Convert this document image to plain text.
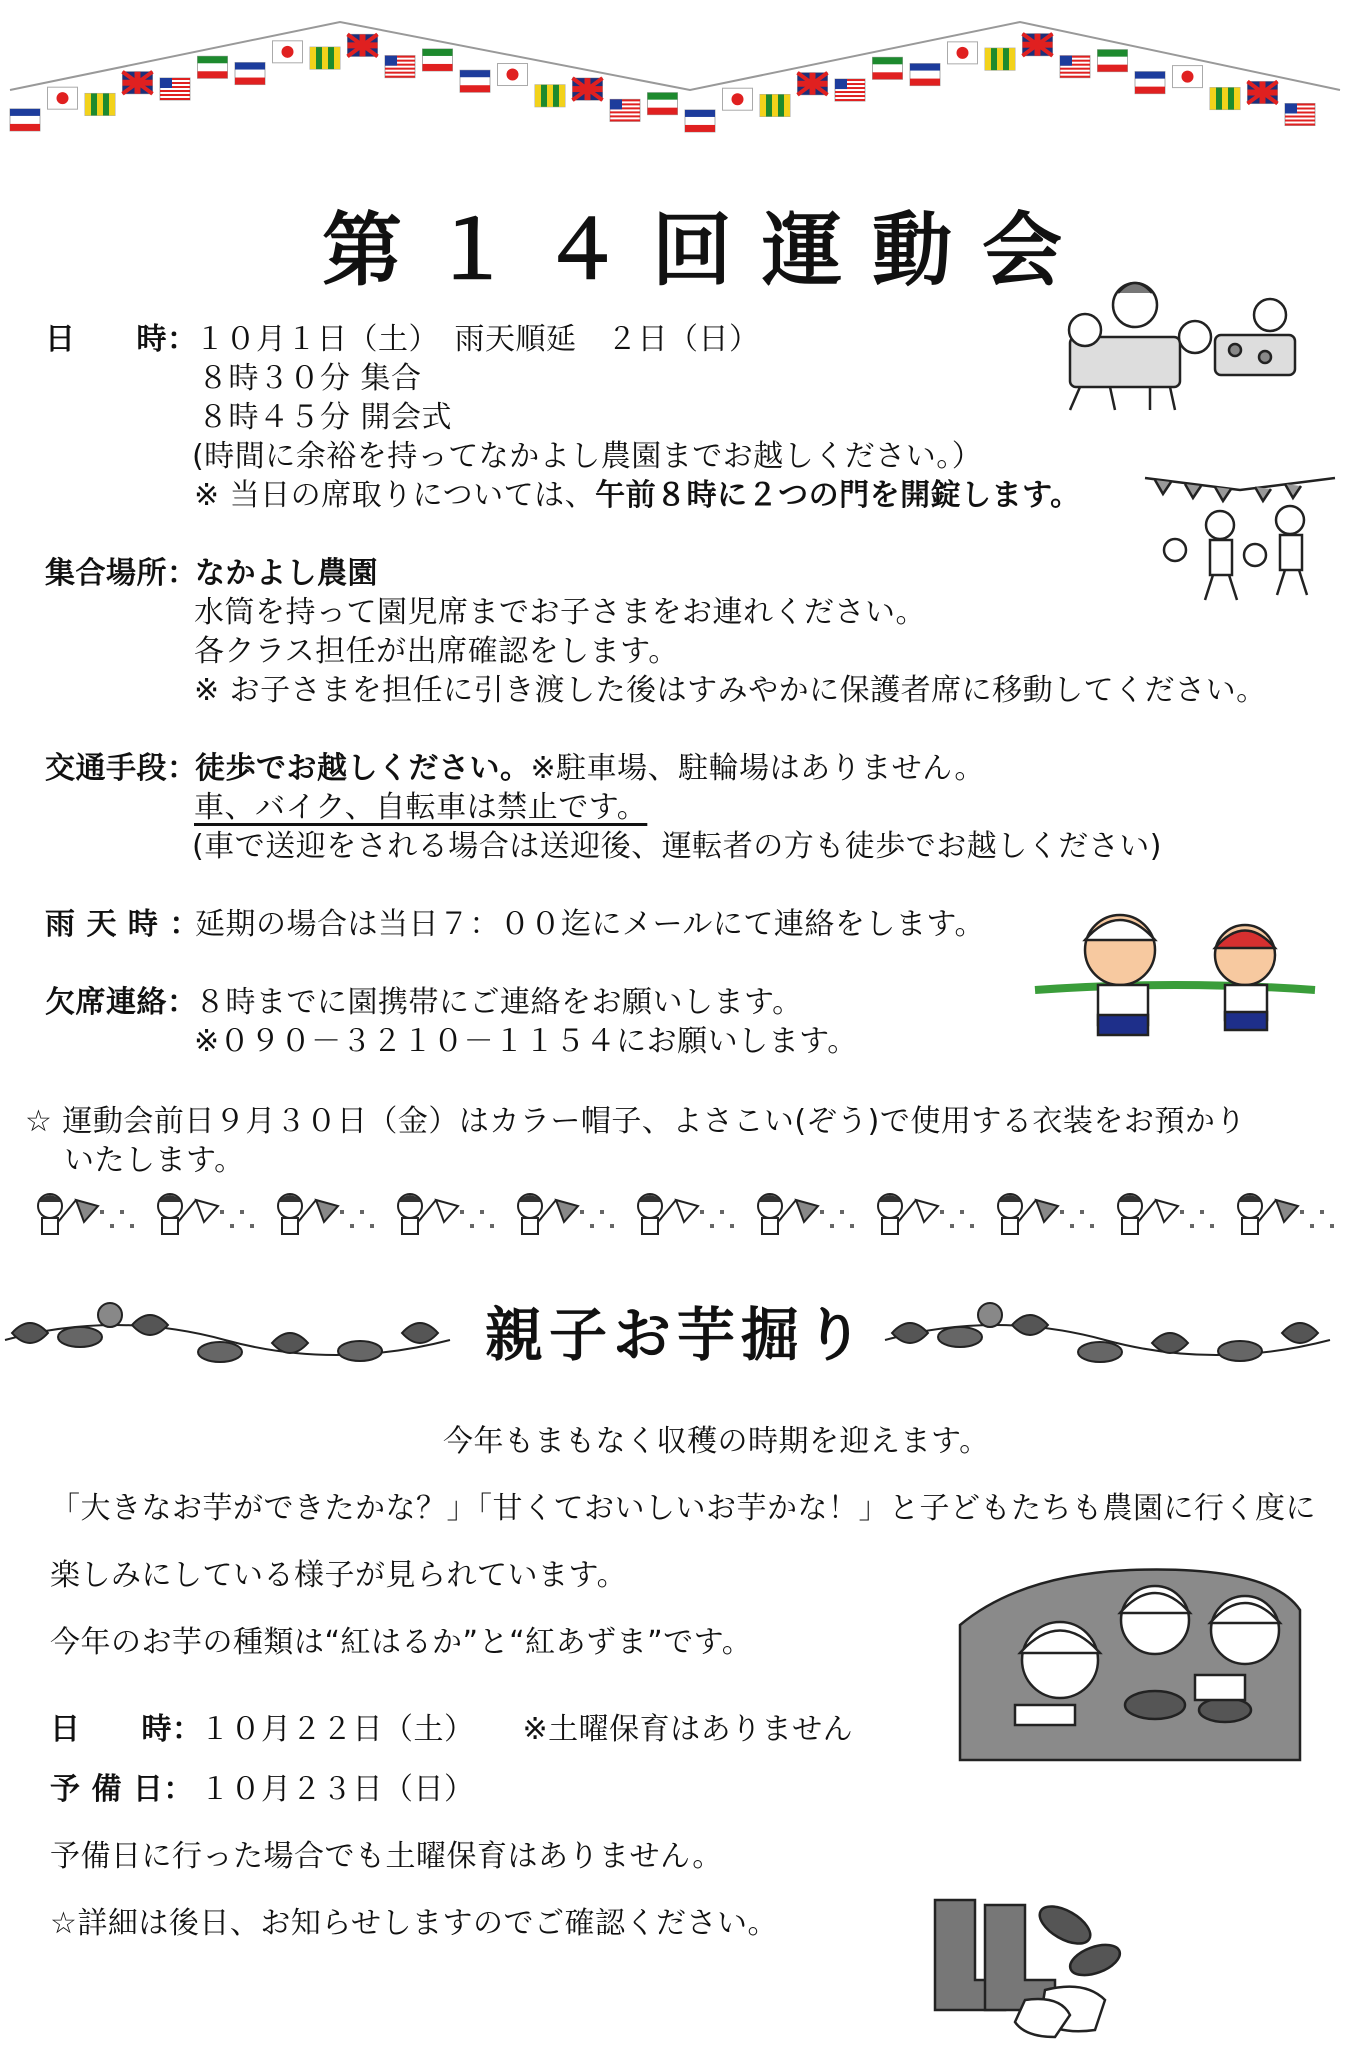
第１４回運動会
日　　時：１０月１日（土）　雨天順延　２日（日）
８時３０分 集合
８時４５分 開会式
(時間に余裕を持ってなかよし農園までお越しください。）
※ 当日の席取りについては、午前８時に２つの門を開錠します。
集合場所：なかよし農園
水筒を持って園児席までお子さまをお連れください。
各クラス担任が出席確認をします。
※ お子さまを担任に引き渡した後はすみやかに保護者席に移動してください。
交通手段：徒歩でお越しください。※駐車場、駐輪場はありません。
車、バイク、自転車は禁止です。
(車で送迎をされる場合は送迎後、運転者の方も徒歩でお越しください)
雨 天 時 ：延期の場合は当日７：００迄にメールにて連絡をします。
欠席連絡：８時までに園携帯にご連絡をお願いします。
※０９０－３２１０－１１５４にお願いします。
☆ 運動会前日９月３０日（金）はカラー帽子、よさこい(ぞう)で使用する衣装をお預かり
いたします。
親子お芋掘り
今年もまもなく収穫の時期を迎えます。
「大きなお芋ができたかな？」「甘くておいしいお芋かな！」と子どもたちも農園に行く度に
楽しみにしている様子が見られています。
今年のお芋の種類は“紅はるか”と“紅あずま”です。
日　　時：１０月２２日（土） ※土曜保育はありません
予 備 日： １０月２３日（日）
予備日に行った場合でも土曜保育はありません。
☆詳細は後日、お知らせしますのでご確認ください。
